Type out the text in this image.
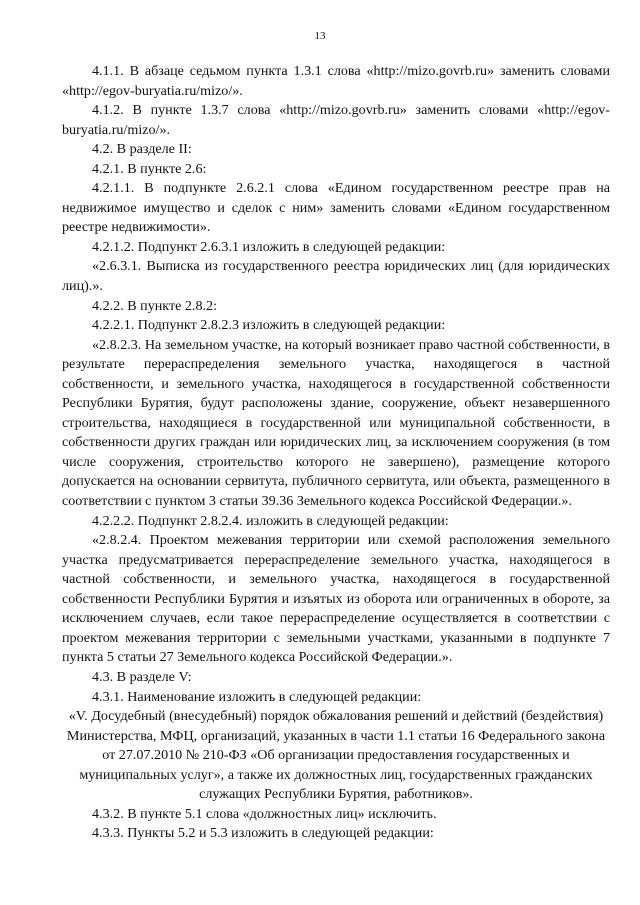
13

4.1.1. В абзаце седьмом пункта 1.3.1 слова «http://mizo.govrb.ru» заменить словами «http://egov-buryatia.ru/mizo/».

4.1.2. В пункте 1.3.7 слова «http://mizo.govrb.ru» заменить словами «http://egov-buryatia.ru/mizo/».

4.2. В разделе II:

4.2.1. В пункте 2.6:

4.2.1.1. В подпункте 2.6.2.1 слова «Едином государственном реестре прав на недвижимое имущество и сделок с ним» заменить словами «Едином государственном реестре недвижимости».

4.2.1.2. Подпункт 2.6.3.1 изложить в следующей редакции:

«2.6.3.1. Выписка из государственного реестра юридических лиц (для юридических лиц).».

4.2.2. В пункте 2.8.2:

4.2.2.1. Подпункт 2.8.2.3 изложить в следующей редакции:

«2.8.2.3. На земельном участке, на который возникает право частной собственности, в результате перераспределения земельного участка, находящегося в частной собственности, и земельного участка, находящегося в государственной собственности Республики Бурятия, будут расположены здание, сооружение, объект незавершенного строительства, находящиеся в государственной или муниципальной собственности, в собственности других граждан или юридических лиц, за исключением сооружения (в том числе сооружения, строительство которого не завершено), размещение которого допускается на основании сервитута, публичного сервитута, или объекта, размещенного в соответствии с пунктом 3 статьи 39.36 Земельного кодекса Российской Федерации.».

4.2.2.2. Подпункт 2.8.2.4. изложить в следующей редакции:

«2.8.2.4. Проектом межевания территории или схемой расположения земельного участка предусматривается перераспределение земельного участка, находящегося в частной собственности, и земельного участка, находящегося в государственной собственности Республики Бурятия и изъятых из оборота или ограниченных в обороте, за исключением случаев, если такое перераспределение осуществляется в соответствии с проектом межевания территории с земельными участками, указанными в подпункте 7 пункта 5 статьи 27 Земельного кодекса Российской Федерации.».

4.3. В разделе V:

4.3.1. Наименование изложить в следующей редакции:

«V. Досудебный (внесудебный) порядок обжалования решений и действий (бездействия) Министерства, МФЦ, организаций, указанных в части 1.1 статьи 16 Федерального закона от 27.07.2010 № 210-ФЗ «Об организации предоставления государственных и муниципальных услуг», а также их должностных лиц, государственных гражданских служащих Республики Бурятия, работников».

4.3.2. В пункте 5.1 слова «должностных лиц» исключить.

4.3.3. Пункты 5.2 и 5.3 изложить в следующей редакции:
